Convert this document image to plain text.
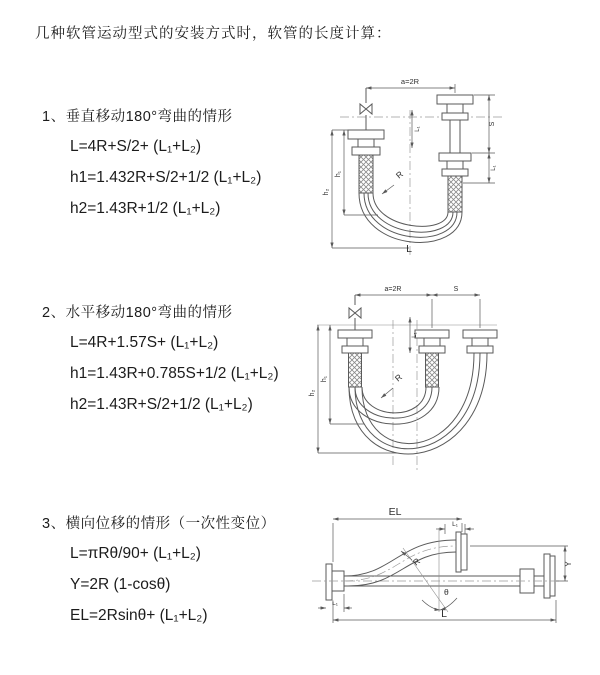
几种软管运动型式的安装方式时，软管的长度计算：
1、垂直移动180°弯曲的情形
L=4R+S/2+ (L₁+L₂)
h1=1.432R+S/2+1/2 (L₁+L₂)
h2=1.43R+1/2 (L₁+L₂)
2、水平移动180°弯曲的情形
L=4R+1.57S+ (L₁+L₂)
h1=1.43R+0.785S+1/2 (L₁+L₂)
h2=1.43R+S/2+1/2 (L₁+L₂)
3、横向位移的情形（一次性变位）
L=πRθ/90+ (L₁+L₂)
Y=2R (1-cosθ)
EL=2Rsinθ+ (L₁+L₂)
a=2R
h₂
h₁	R
L
S
L₁
L₁
a=2R	S
h₂
h₁	R
L₁
EL
L₁
θ
R	Y
L
L₁
